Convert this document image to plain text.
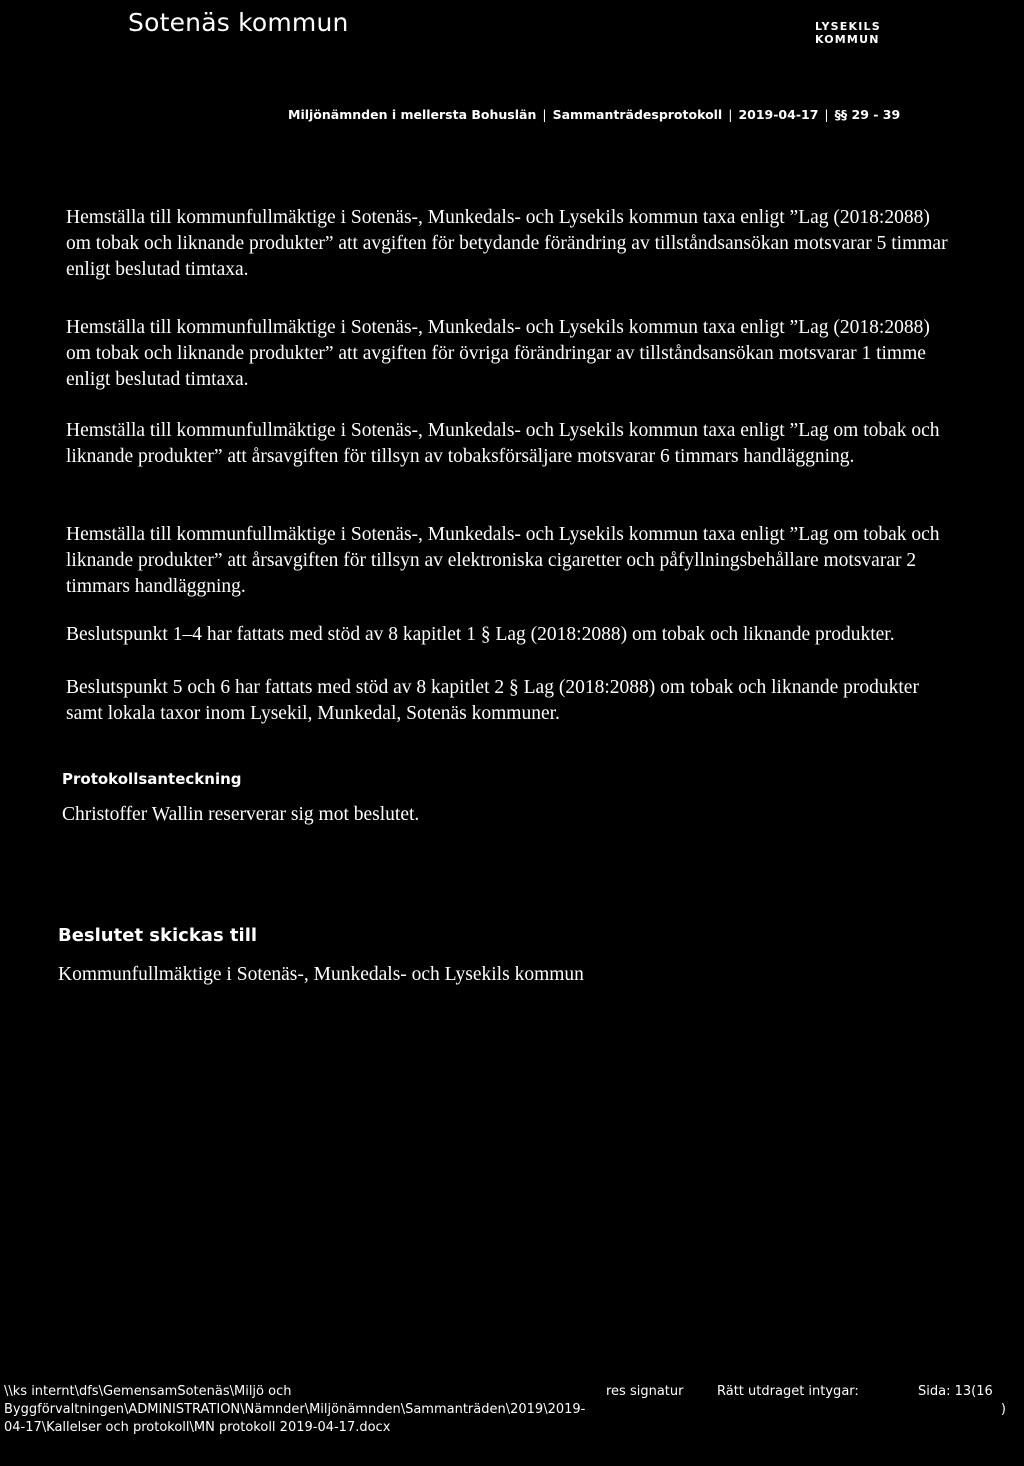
Sotenäs kommun	LYSEKILS
KOMMUN
Miljönämnden i mellersta Bohuslän | Sammanträdesprotokoll | 2019-04-17 | §§ 29 - 39
Hemställa till kommunfullmäktige i Sotenäs-, Munkedals- och Lysekils kommun taxa enligt ”Lag (2018:2088) om tobak och liknande produkter” att avgiften för betydande förändring av tillståndsansökan motsvarar 5 timmar enligt beslutad timtaxa.
Hemställa till kommunfullmäktige i Sotenäs-, Munkedals- och Lysekils kommun taxa enligt ”Lag (2018:2088) om tobak och liknande produkter” att avgiften för övriga förändringar av tillståndsansökan motsvarar 1 timme enligt beslutad timtaxa.
Hemställa till kommunfullmäktige i Sotenäs-, Munkedals- och Lysekils kommun taxa enligt ”Lag om tobak och liknande produkter” att årsavgiften för tillsyn av tobaksförsäljare motsvarar 6 timmars handläggning.
Hemställa till kommunfullmäktige i Sotenäs-, Munkedals- och Lysekils kommun taxa enligt ”Lag om tobak och liknande produkter” att årsavgiften för tillsyn av elektroniska cigaretter och påfyllningsbehållare motsvarar 2 timmars handläggning.
Beslutspunkt 1–4 har fattats med stöd av 8 kapitlet 1 § Lag (2018:2088) om tobak och liknande produkter.
Beslutspunkt 5 och 6 har fattats med stöd av 8 kapitlet 2 § Lag (2018:2088) om tobak och liknande produkter samt lokala taxor inom Lysekil, Munkedal, Sotenäs kommuner.
Protokollsanteckning
Christoffer Wallin reserverar sig mot beslutet.
Beslutet skickas till
Kommunfullmäktige i Sotenäs-, Munkedals- och Lysekils kommun
\\ks internt\dfs\GemensamSotenäs\Miljö och Byggförvaltningen\ADMINISTRATION\Nämnder\Miljönämnden\Sammanträden\2019\2019-04-17\Kallelser och protokoll\MN protokoll 2019-04-17.docx
res signatur	Rätt utdraget intygar:	Sida: 13(16
)
